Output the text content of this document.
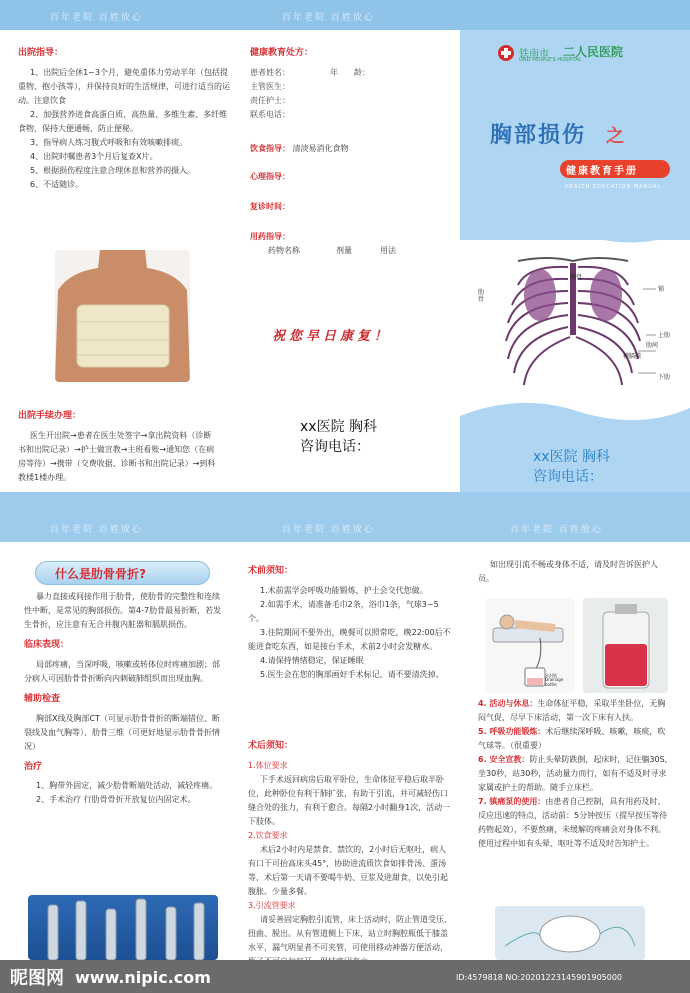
百年老院 百姓放心	百年老院 百姓放心
出院指导：
1、出院后全休1~3个月，避免重体力劳动半年（包括提重物、抱小孩等），并保持良好的生活规律，可进行适当的运动。注意饮食
2、加强营养进食高蛋白质、高热量、多维生素、多纤维食物，保持大便通畅，防止便秘。
3、指导病人练习腹式呼吸和有效咳嗽排痰。
4、出院时嘱患者3个月后复查X片。
5、根据损伤程度注意合理休息和营养的摄入。
6、不适随诊。
出院手续办理：
医生开出院→患者在医生处签字→拿出院资料（诊断书和出院记录）→护士做宣教→主班看账→通知您（在病房等待）→携带（交费收据、诊断书和出院记录）→到科教楼1楼办理。
健康教育处方：
患者姓名：	年　　龄：
主管医生：
责任护士：
联系电话：
饮食指导： 清淡易消化食物
心理指导：
复诊时间：
用药指导：
药物名称	剂量	用法
祝您早日康复！
xx医院 胸科
咨询电话：
铁南市 二人民医院
OND PEOPLE'S HOSPITAL
胸部损伤 之
健康教育手册
HEALTH EDUCATION MANUAL
胸骨
肋骨
锁
上肋
肋间
横膈膜
下肋
xx医院 胸科
咨询电话：
百年老院 百姓放心	百年老院 百姓放心	百年老院 百姓放心
什么是肋骨骨折?
暴力直接或间接作用于肋骨，使肋骨的完整性和连续性中断，是常见的胸部损伤。第4-7肋骨最易折断，若发生骨折，应注意有无合并腹内脏器和膈肌损伤。
临床表现：
局部疼痛，当深呼吸，咳嗽或转体位时疼痛加剧；部分病人可因肋骨骨折断向内刺破肺组织而出现血胸。
辅助检查
胸部X线及胸部CT（可显示肋骨骨折的断端错位、断裂线及血气胸等）、肋骨三维（可更好地显示肋骨骨折情况）
治疗
1、胸带外固定，减少肋骨断端处活动，减轻疼痛。
2、手术治疗 行肋骨骨折开放复位内固定术。
术前须知：
1.术前需学会呼吸功能锻炼，护士会交代您做。
2.如需手术，请准备毛巾2条，浴巾1条，气球3~5个。
3.住院期间不要外出，晚餐可以照常吃，晚22:00后不能进食吃东西，如是接台手术，术前2小时会发糖水。
4.请保持情绪稳定，保证睡眠
5.医生会在您的胸部画好手术标记，请不要清洗掉。
术后须知：
1.体位要求
下手术返回病房后取平卧位，生命体征平稳后取半卧位，此种卧位有利于肺扩张，有助于引流，并可减轻伤口缝合处的张力，有利于愈合。每隔2小时翻身1次，活动一下肢体。
2.饮食要求
术后2小时内是禁食、禁饮的，2小时后无呕吐，病人有口干可抬高床头45°，协助进流质饮食如排骨汤、蛋汤等，术后第一天请不要喝牛奶、豆浆及进甜食，以免引起腹胀。少量多餐。
3.引流管要求
请妥善固定胸腔引流管，床上活动时，防止管道受压、扭曲、脱出。从有管道侧上下床，站立时胸腔瓶低于膝盖水平，漏气明显者不可夹管，可使用移动神器方便活动，
如出现引流不畅或身体不适，请及时告诉医护人员。
水封瓶
Drainage bottle
4. 活动与休息：生命体征平稳，采取半坐卧位，无胸闷气促，尽早下床活动，第一次下床有人扶。
5. 呼吸功能锻炼：术后继续深呼吸、咳嗽，咳痰，吹气球等。（很重要）
6. 安全宣教：防止头晕防跌倒，起床时，记住躺30S,坐30秒，站30秒，活动量力而行，如有不适及时寻求家属或护士的帮助。随手立床栏。
7. 镇痛泵的使用：由患者自己控制，具有用药及时、反应迅速的特点，活动前：5分钟按压（提早按压等待药物起效），不要熬痛，未缓解的疼痛会对身体不利。使用过程中如有头晕、呕吐等不适及时告知护士。
昵图网 www.nipic.com	ID:4579818 NO:20201223145901905000
